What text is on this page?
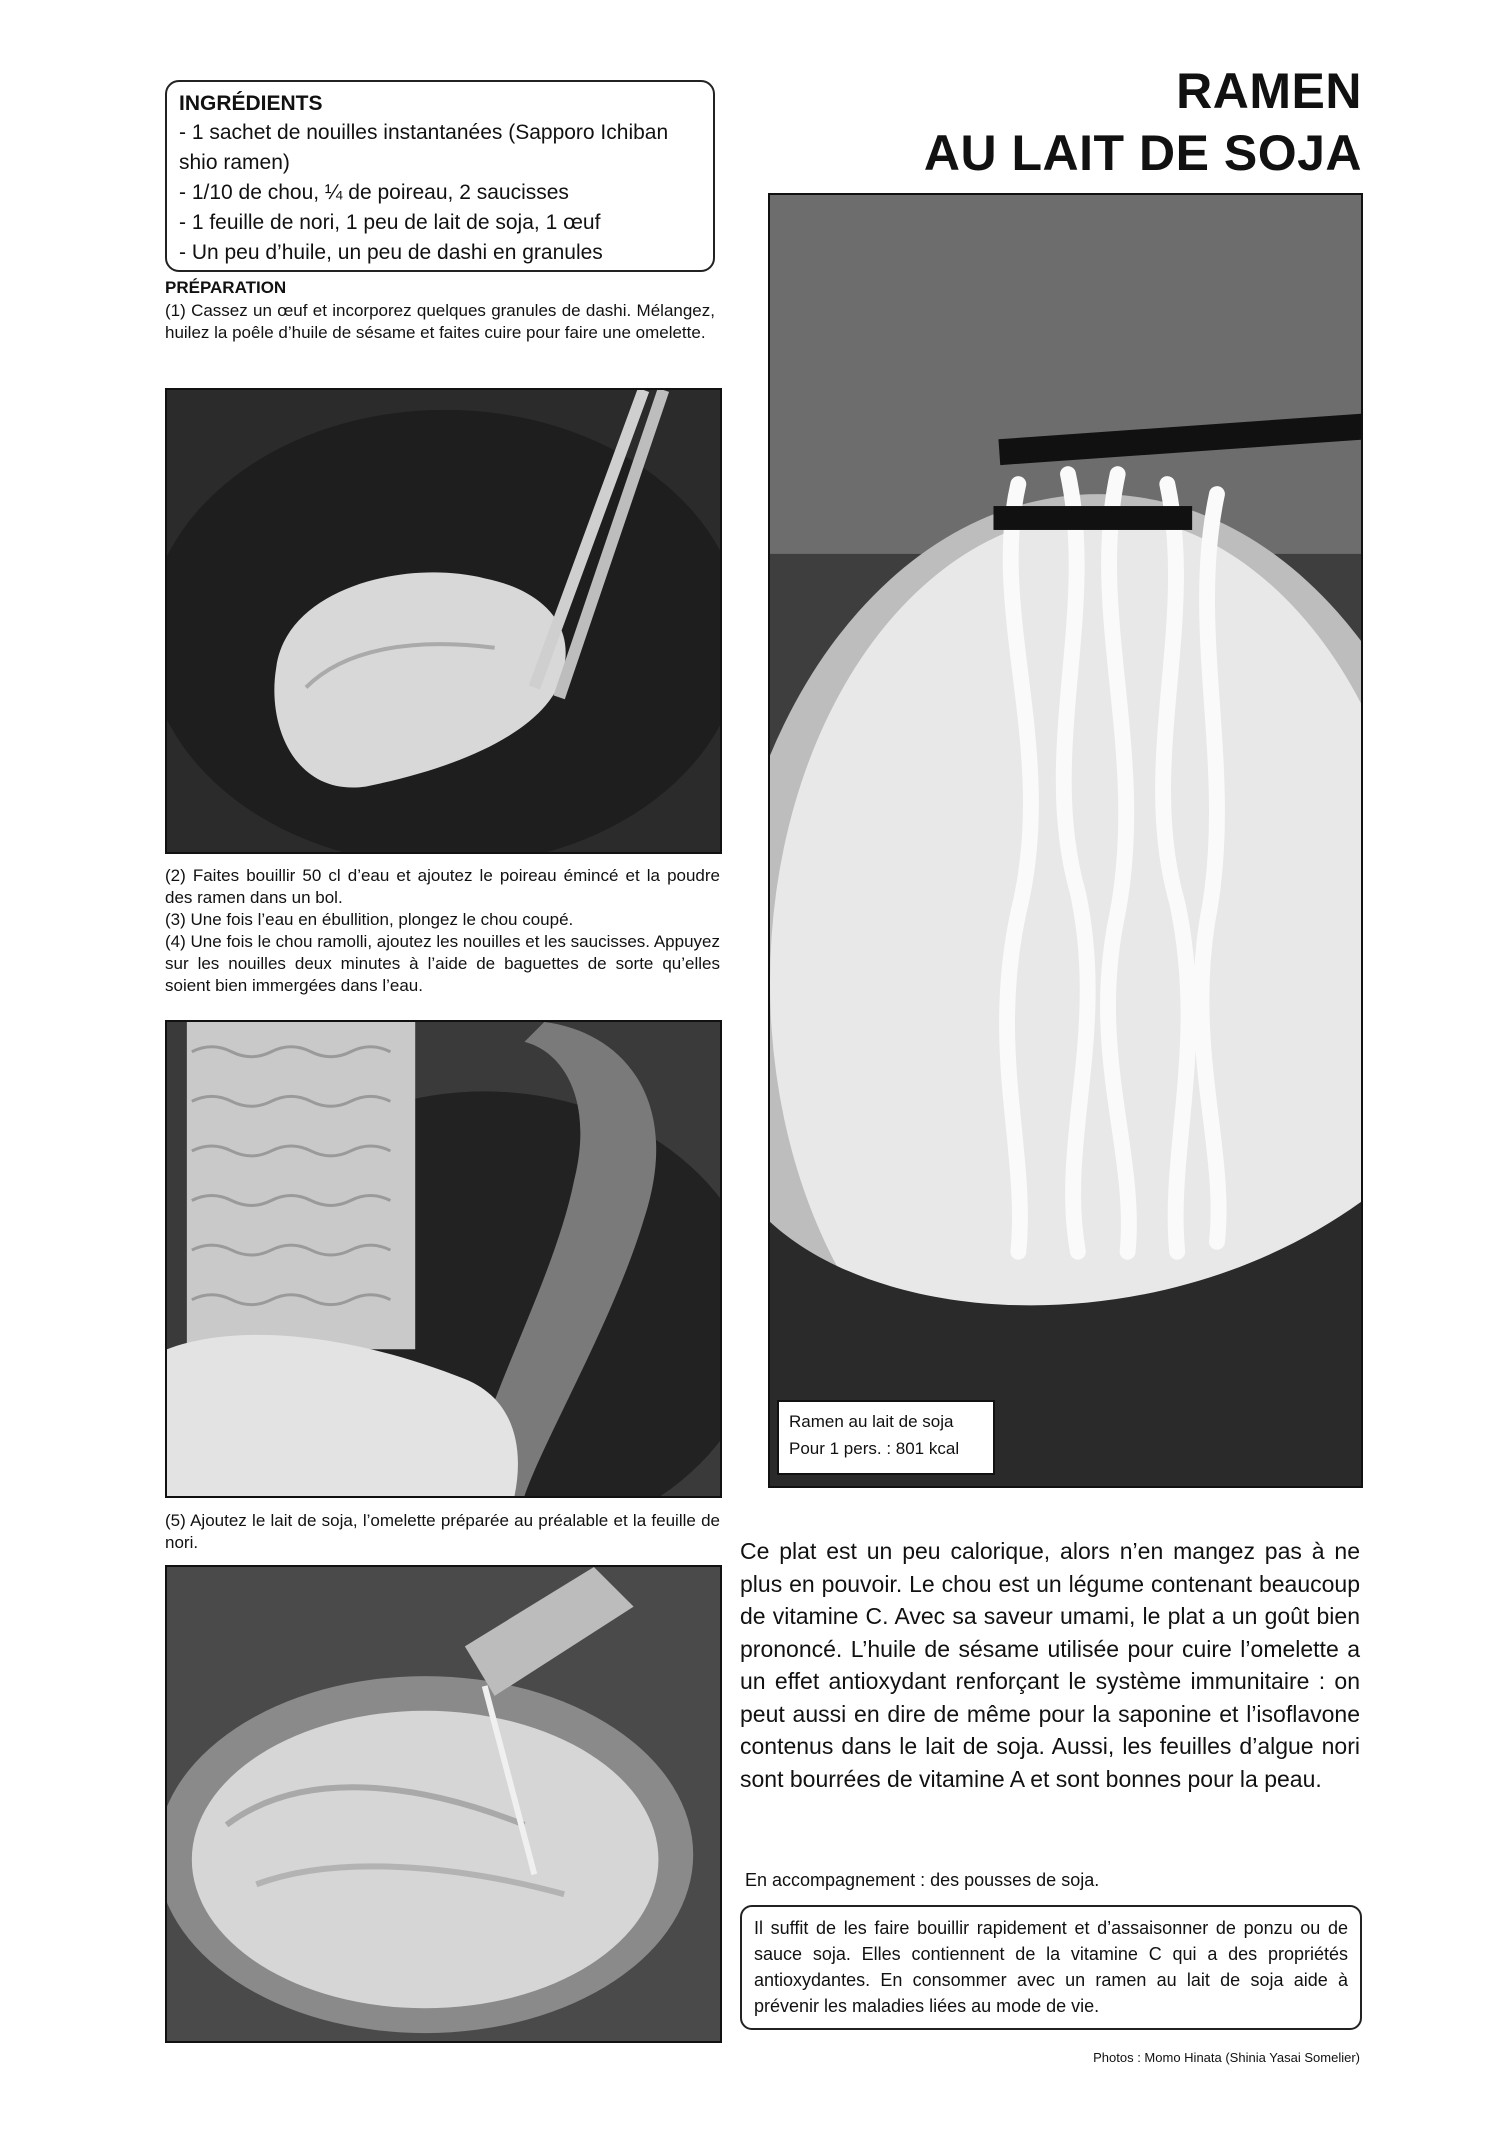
INGRÉDIENTS
- 1 sachet de nouilles instantanées (Sapporo Ichiban
shio ramen)
- 1/10 de chou, ¼ de poireau, 2 saucisses
- 1 feuille de nori, 1 peu de lait de soja, 1 œuf
- Un peu d’huile, un peu de dashi en granules
RAMEN
AU LAIT DE SOJA
PRÉPARATION
(1) Cassez un œuf et incorporez quelques granules de dashi. Mélangez, huilez la poêle d’huile de sésame et faites cuire pour faire une omelette.
(2) Faites bouillir 50 cl d’eau et ajoutez le poireau émincé et la poudre des ramen dans un bol.
(3) Une fois l’eau en ébullition, plongez le chou coupé.
(4) Une fois le chou ramolli, ajoutez les nouilles et les saucisses. Appuyez sur les nouilles deux minutes à l’aide de baguettes de sorte qu’elles soient bien immergées dans l’eau.
(5) Ajoutez le lait de soja, l’omelette préparée au préalable et la feuille de nori.
Ramen au lait de soja
Pour 1 pers. : 801 kcal
Ce plat est un peu calorique, alors n’en mangez pas à ne plus en pouvoir. Le chou est un légume contenant beaucoup de vitamine C. Avec sa saveur umami, le plat a un goût bien prononcé. L’huile de sésame utilisée pour cuire l’omelette a un effet antioxydant renforçant le système immunitaire : on peut aussi en dire de même pour la saponine et l’isoflavone contenus dans le lait de soja. Aussi, les feuilles d’algue nori sont bourrées de vitamine A et sont bonnes pour la peau.
En accompagnement : des pousses de soja.
Il suffit de les faire bouillir rapidement et d’assaisonner de ponzu ou de sauce soja. Elles contiennent de la vitamine C qui a des propriétés antioxydantes. En consommer avec un ramen au lait de soja aide à prévenir les maladies liées au mode de vie.
Photos : Momo Hinata (Shinia Yasai Somelier)
